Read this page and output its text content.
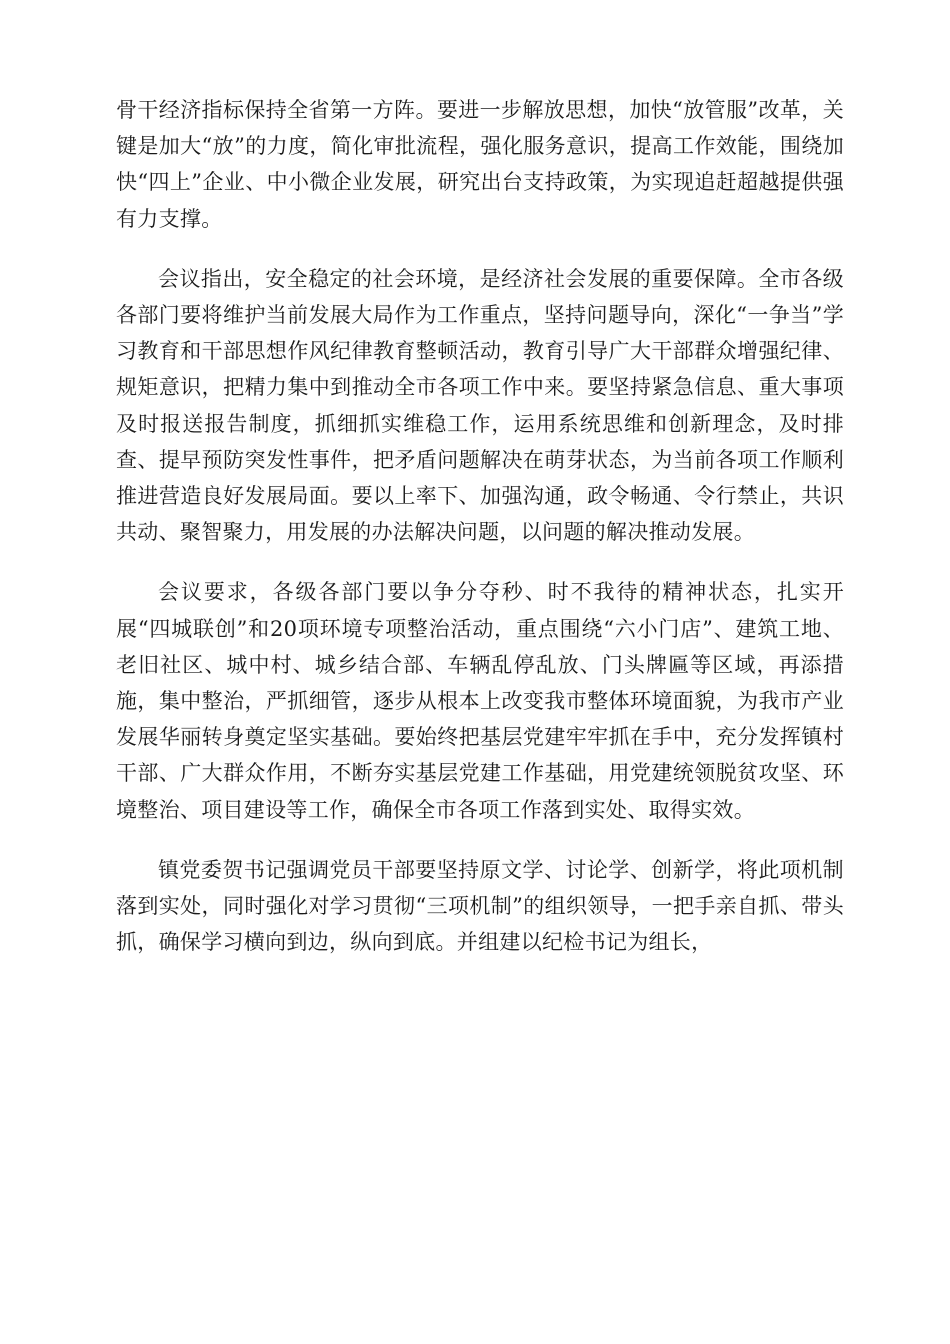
骨干经济指标保持全省第一方阵。要进一步解放思想，加快“放管服”改革，关键是加大“放”的力度，简化审批流程，强化服务意识，提高工作效能，围绕加快“四上”企业、中小微企业发展，研究出台支持政策，为实现追赶超越提供强有力支撑。

会议指出，安全稳定的社会环境，是经济社会发展的重要保障。全市各级各部门要将维护当前发展大局作为工作重点，坚持问题导向，深化“一争当”学习教育和干部思想作风纪律教育整顿活动，教育引导广大干部群众增强纪律、规矩意识，把精力集中到推动全市各项工作中来。要坚持紧急信息、重大事项及时报送报告制度，抓细抓实维稳工作，运用系统思维和创新理念，及时排查、提早预防突发性事件，把矛盾问题解决在萌芽状态，为当前各项工作顺利推进营造良好发展局面。要以上率下、加强沟通，政令畅通、令行禁止，共识共动、聚智聚力，用发展的办法解决问题，以问题的解决推动发展。

会议要求，各级各部门要以争分夺秒、时不我待的精神状态，扎实开展“四城联创”和20项环境专项整治活动，重点围绕“六小门店”、建筑工地、老旧社区、城中村、城乡结合部、车辆乱停乱放、门头牌匾等区域，再添措施，集中整治，严抓细管，逐步从根本上改变我市整体环境面貌，为我市产业发展华丽转身奠定坚实基础。要始终把基层党建牢牢抓在手中，充分发挥镇村干部、广大群众作用，不断夯实基层党建工作基础，用党建统领脱贫攻坚、环境整治、项目建设等工作，确保全市各项工作落到实处、取得实效。

镇党委贺书记强调党员干部要坚持原文学、讨论学、创新学，将此项机制落到实处，同时强化对学习贯彻“三项机制”的组织领导，一把手亲自抓、带头抓，确保学习横向到边，纵向到底。并组建以纪检书记为组长，
